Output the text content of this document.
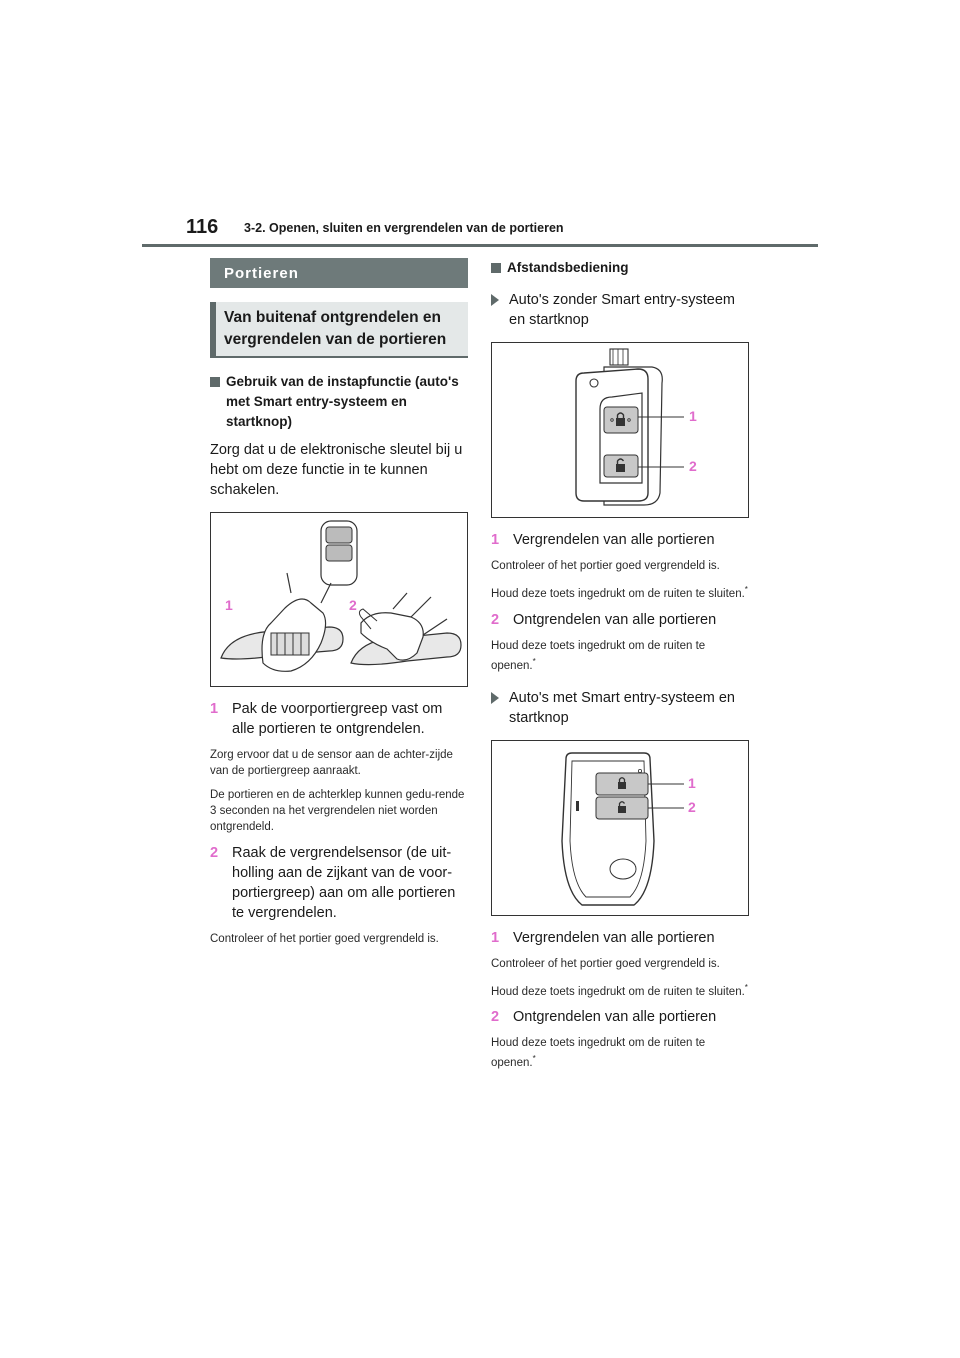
116 3-2. Openen, sluiten en vergrendelen van de portieren
Portieren
Van buitenaf ontgrendelen en vergrendelen van de portieren
Gebruik van de instapfunctie (auto's met Smart entry-systeem en startknop)
Zorg dat u de elektronische sleutel bij u hebt om deze functie in te kunnen schakelen.
1	2
1 Pak de voorportiergreep vast om alle portieren te ontgrendelen.
Zorg ervoor dat u de sensor aan de achter-zijde van de portiergreep aanraakt.
De portieren en de achterklep kunnen gedu-rende 3 seconden na het vergrendelen niet worden ontgrendeld.
2 Raak de vergrendelsensor (de uit-holling aan de zijkant van de voor-portiergreep) aan om alle portieren te vergrendelen.
Controleer of het portier goed vergrendeld is.
Afstandsbediening
Auto's zonder Smart entry-systeem en startknop
1
2
1 Vergrendelen van alle portieren
Controleer of het portier goed vergrendeld is.
Houd deze toets ingedrukt om de ruiten te sluiten.*
2 Ontgrendelen van alle portieren
Houd deze toets ingedrukt om de ruiten te openen.*
Auto's met Smart entry-systeem en startknop
1
2
1 Vergrendelen van alle portieren
Controleer of het portier goed vergrendeld is.
Houd deze toets ingedrukt om de ruiten te sluiten.*
2 Ontgrendelen van alle portieren
Houd deze toets ingedrukt om de ruiten te openen.*
